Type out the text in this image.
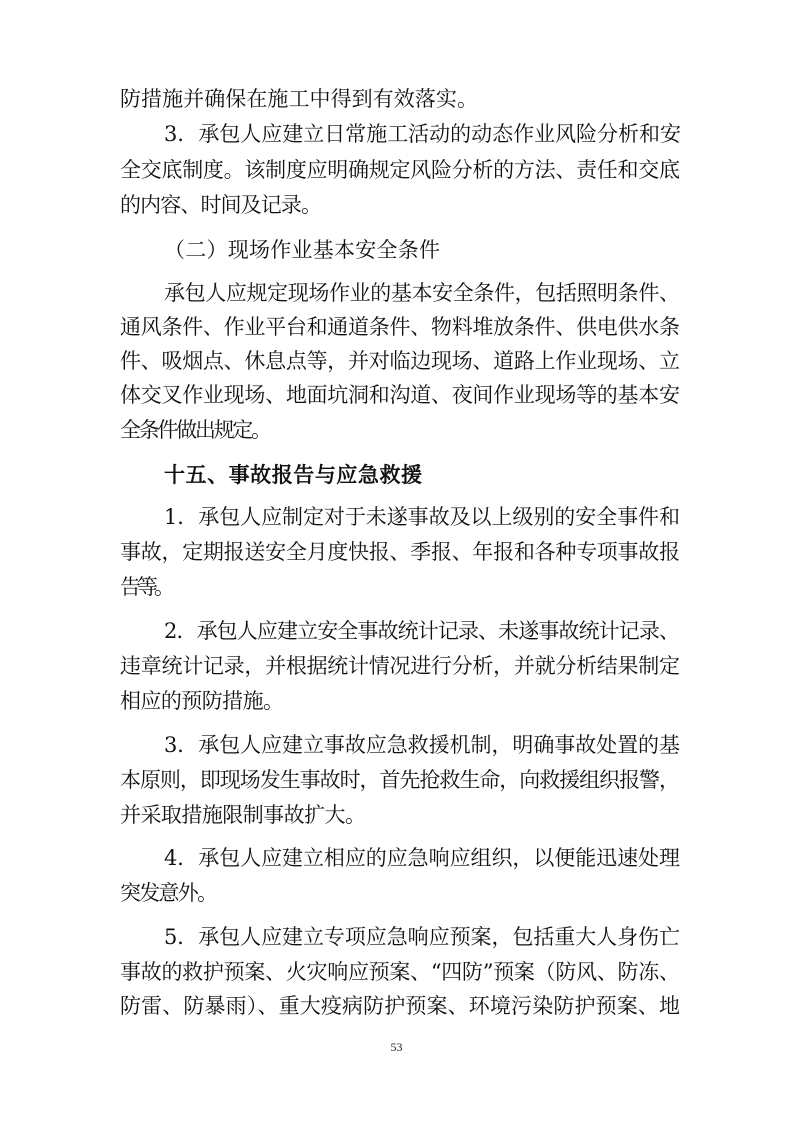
防措施并确保在施工中得到有效落实。
3．承包人应建立日常施工活动的动态作业风险分析和安
全交底制度。该制度应明确规定风险分析的方法、责任和交底
的内容、时间及记录。
（二）现场作业基本安全条件
承包人应规定现场作业的基本安全条件，包括照明条件、
通风条件、作业平台和通道条件、物料堆放条件、供电供水条
件、吸烟点、休息点等，并对临边现场、道路上作业现场、立
体交叉作业现场、地面坑洞和沟道、夜间作业现场等的基本安
全条件做出规定。
十五、事故报告与应急救援
1．承包人应制定对于未遂事故及以上级别的安全事件和
事故，定期报送安全月度快报、季报、年报和各种专项事故报
告等。
2．承包人应建立安全事故统计记录、未遂事故统计记录、
违章统计记录，并根据统计情况进行分析，并就分析结果制定
相应的预防措施。
3．承包人应建立事故应急救援机制，明确事故处置的基
本原则，即现场发生事故时，首先抢救生命，向救援组织报警，
并采取措施限制事故扩大。
4．承包人应建立相应的应急响应组织，以便能迅速处理
突发意外。
5．承包人应建立专项应急响应预案，包括重大人身伤亡
事故的救护预案、火灾响应预案、“四防”预案（防风、防冻、
防雷、防暴雨）、重大疫病防护预案、环境污染防护预案、地
53
